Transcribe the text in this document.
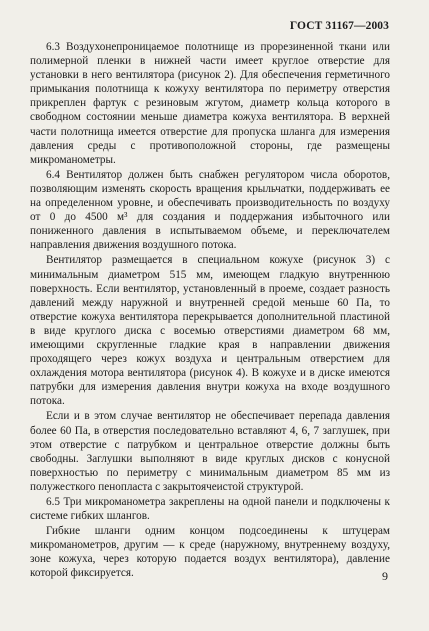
ГОСТ 31167—2003

6.3 Воздухонепроницаемое полотнище из прорезиненной ткани или полимерной пленки в нижней части имеет круглое отверстие для установки в него вентилятора (рисунок 2). Для обеспечения герметичного примыкания полотнища к кожуху вентилятора по периметру отверстия прикреплен фартук с резиновым жгутом, диаметр кольца которого в свободном состоянии меньше диаметра кожуха вентилятора. В верхней части полотнища имеется отверстие для пропуска шланга для измерения давления среды с противоположной стороны, где размещены микроманометры.

6.4 Вентилятор должен быть снабжен регулятором числа оборотов, позволяющим изменять скорость вращения крыльчатки, поддерживать ее на определенном уровне, и обеспечивать производительность по воздуху от 0 до 4500 м³ для создания и поддержания избыточного или пониженного давления в испытываемом объеме, и переключателем направления движения воздушного потока.

Вентилятор размещается в специальном кожухе (рисунок 3) с минимальным диаметром 515 мм, имеющем гладкую внутреннюю поверхность. Если вентилятор, установленный в проеме, создает разность давлений между наружной и внутренней средой меньше 60 Па, то отверстие кожуха вентилятора перекрывается дополнительной пластиной в виде круглого диска с восемью отверстиями диаметром 68 мм, имеющими скругленные гладкие края в направлении движения проходящего через кожух воздуха и центральным отверстием для охлаждения мотора вентилятора (рисунок 4). В кожухе и в диске имеются патрубки для измерения давления внутри кожуха на входе воздушного потока.

Если и в этом случае вентилятор не обеспечивает перепада давления более 60 Па, в отверстия последовательно вставляют 4, 6, 7 заглушек, при этом отверстие с патрубком и центральное отверстие должны быть свободны. Заглушки выполняют в виде круглых дисков с конусной поверхностью по периметру с минимальным диаметром 85 мм из полужесткого пенопласта с закрытоячеистой структурой.

6.5 Три микроманометра закреплены на одной панели и подключены к системе гибких шлангов.

Гибкие шланги одним концом подсоединены к штуцерам микроманометров, другим — к среде (наружному, внутреннему воздуху, зоне кожуха, через которую подается воздух вентилятора), давление которой фиксируется.	9
